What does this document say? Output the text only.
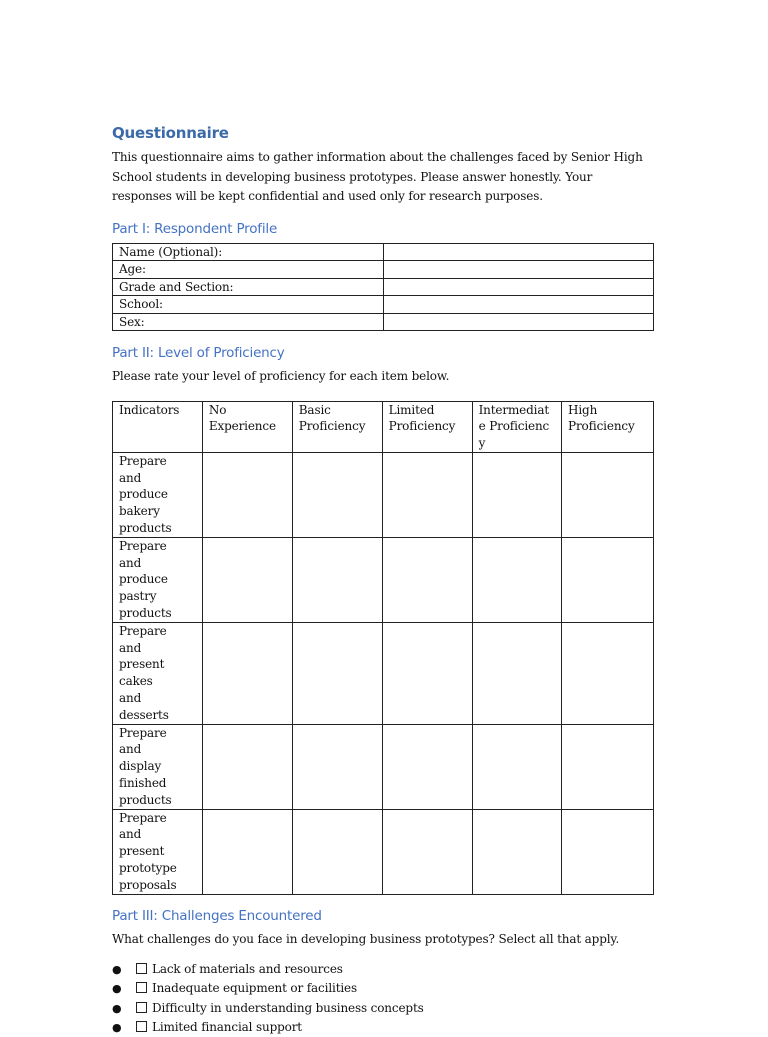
Questionnaire

This questionnaire aims to gather information about the challenges faced by Senior High School students in developing business prototypes. Please answer honestly. Your responses will be kept confidential and used only for research purposes.

Part I: Respondent Profile
Name (Optional):	
Age:	
Grade and Section:	
School:	
Sex:	
Part II: Level of Proficiency

Please rate your level of proficiency for each item below.

Indicators	No Experience	Basic Proficiency	Limited Proficiency	Intermediate Proficiency	High Proficiency
Prepare and produce bakery products					
Prepare and produce pastry products					
Prepare and present cakes and desserts					
Prepare and display finished products					
Prepare and present prototype proposals					
Part III: Challenges Encountered

What challenges do you face in developing business prototypes? Select all that apply.

●	Lack of materials and resources
●	Inadequate equipment or facilities
●	Difficulty in understanding business concepts
●	Limited financial support
